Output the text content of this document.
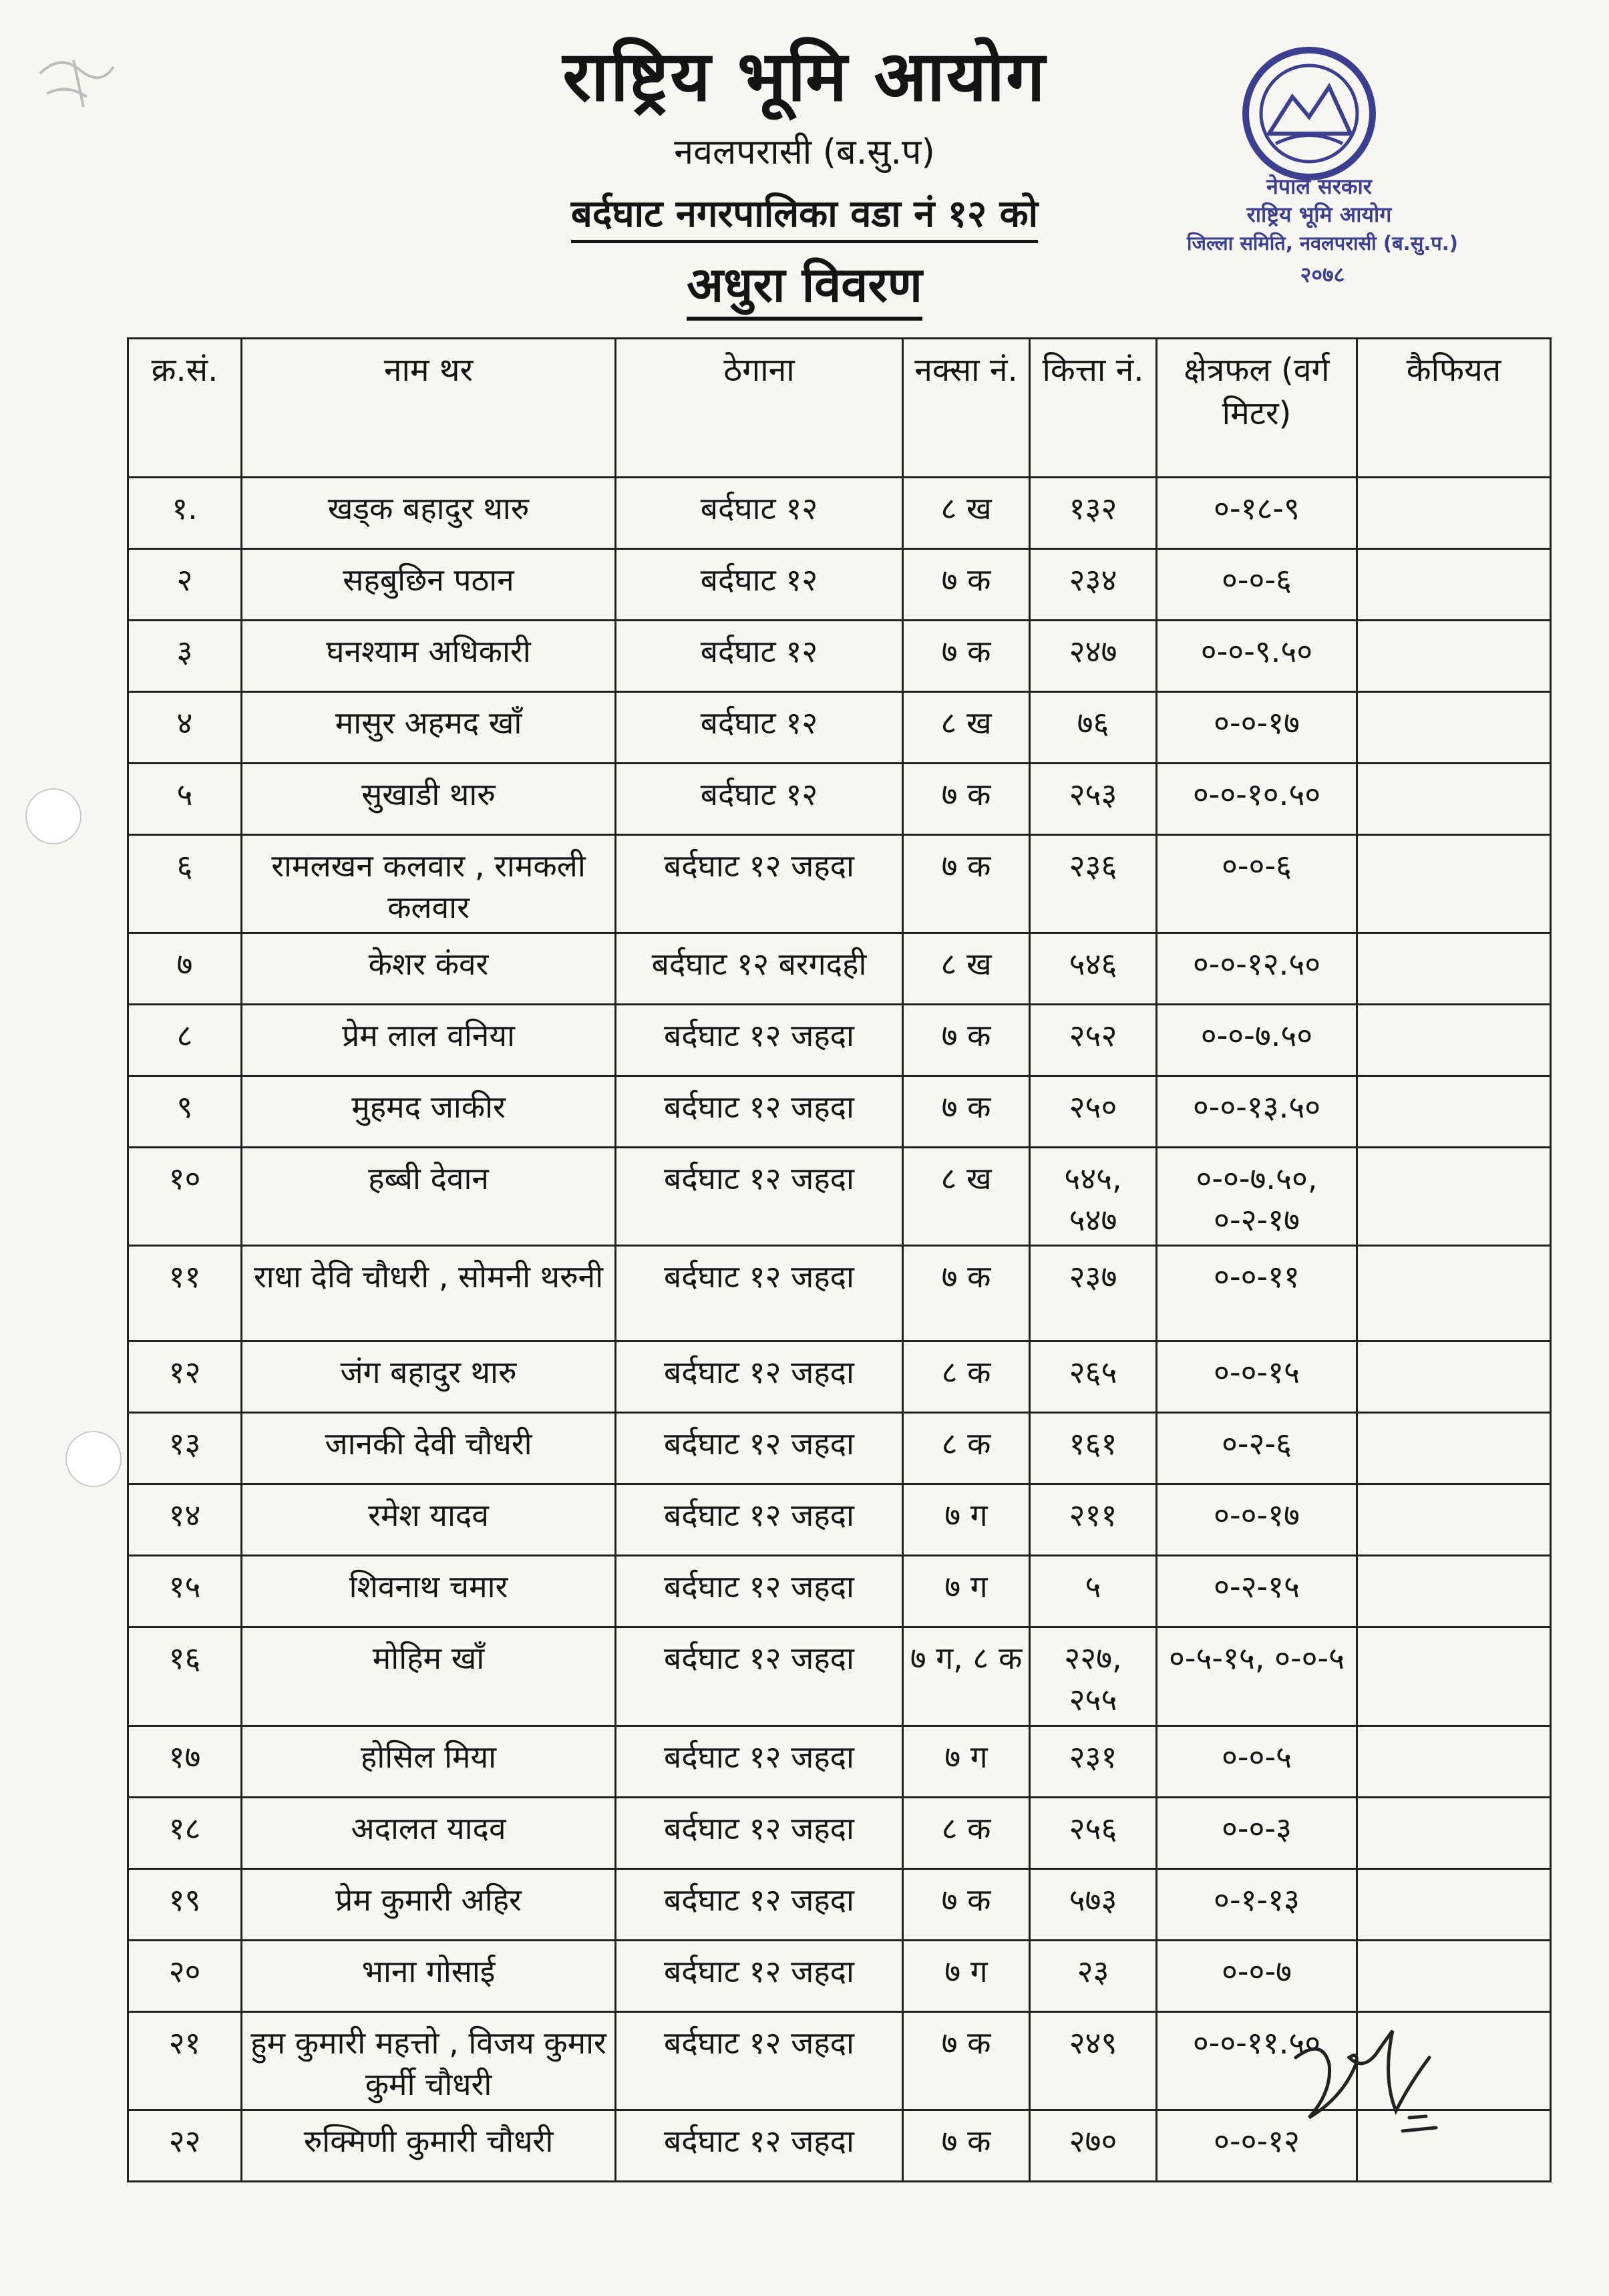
राष्ट्रिय भूमि आयोग
नवलपरासी (ब.सु.प)
बर्दघाट नगरपालिका वडा नं १२ को
अधुरा विवरण
नेपाल सरकार
राष्ट्रिय भूमि आयोग
जिल्ला समिति, नवलपरासी (ब.सु.प.)
२०७८
क्र.सं.	नाम थर	ठेगाना	नक्सा नं.	कित्ता नं.	क्षेत्रफल (वर्ग मिटर)	कैफियत
१.	खड्क बहादुर थारु	बर्दघाट १२	८ ख	१३२	०-१८-९	
२	सहबुछिन पठान	बर्दघाट १२	७ क	२३४	०-०-६	
३	घनश्याम अधिकारी	बर्दघाट १२	७ क	२४७	०-०-९.५०	
४	मासुर अहमद खाँ	बर्दघाट १२	८ ख	७६	०-०-१७	
५	सुखाडी थारु	बर्दघाट १२	७ क	२५३	०-०-१०.५०	
६	रामलखन कलवार , रामकली कलवार	बर्दघाट १२ जहदा	७ क	२३६	०-०-६	
७	केशर कंवर	बर्दघाट १२ बरगदही	८ ख	५४६	०-०-१२.५०	
८	प्रेम लाल वनिया	बर्दघाट १२ जहदा	७ क	२५२	०-०-७.५०	
९	मुहमद जाकीर	बर्दघाट १२ जहदा	७ क	२५०	०-०-१३.५०	
१०	हब्बी देवान	बर्दघाट १२ जहदा	८ ख	५४५, ५४७	०-०-७.५०, ०-२-१७	
११	राधा देवि चौधरी , सोमनी थरुनी	बर्दघाट १२ जहदा	७ क	२३७	०-०-११	
१२	जंग बहादुर थारु	बर्दघाट १२ जहदा	८ क	२६५	०-०-१५	
१३	जानकी देवी चौधरी	बर्दघाट १२ जहदा	८ क	१६१	०-२-६	
१४	रमेश यादव	बर्दघाट १२ जहदा	७ ग	२११	०-०-१७	
१५	शिवनाथ चमार	बर्दघाट १२ जहदा	७ ग	५	०-२-१५	
१६	मोहिम खाँ	बर्दघाट १२ जहदा	७ ग, ८ क	२२७, २५५	०-५-१५, ०-०-५	
१७	होसिल मिया	बर्दघाट १२ जहदा	७ ग	२३१	०-०-५	
१८	अदालत यादव	बर्दघाट १२ जहदा	८ क	२५६	०-०-३	
१९	प्रेम कुमारी अहिर	बर्दघाट १२ जहदा	७ क	५७३	०-१-१३	
२०	भाना गोसाई	बर्दघाट १२ जहदा	७ ग	२३	०-०-७	
२१	हुम कुमारी महत्तो , विजय कुमार कुर्मी चौधरी	बर्दघाट १२ जहदा	७ क	२४९	०-०-११.५०	
२२	रुक्मिणी कुमारी चौधरी	बर्दघाट १२ जहदा	७ क	२७०	०-०-१२	
